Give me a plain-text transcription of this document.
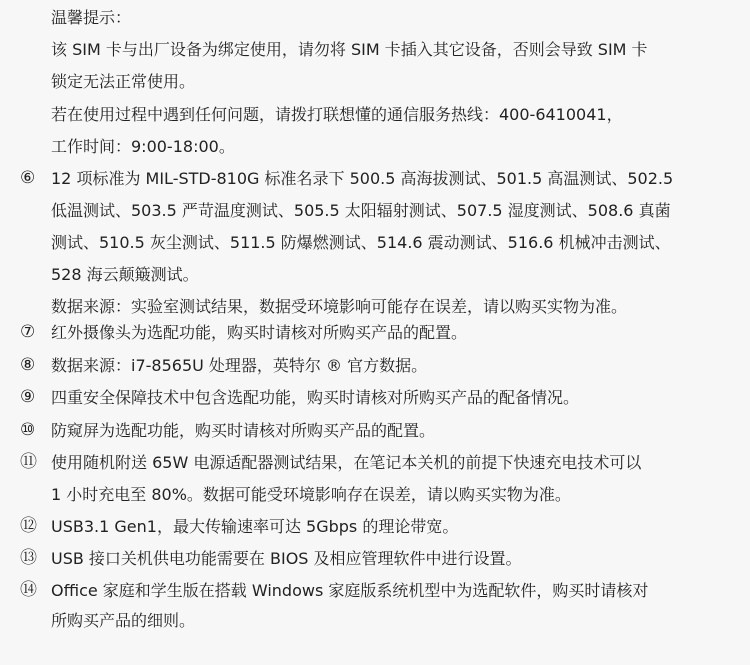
温馨提示：
该 SIM 卡与出厂设备为绑定使用，请勿将 SIM 卡插入其它设备，否则会导致 SIM 卡
锁定无法正常使用。
若在使用过程中遇到任何问题，请拨打联想懂的通信服务热线：400-6410041，
工作时间：9:00-18:00。
⑥ 12 项标准为 MIL-STD-810G 标准名录下 500.5 高海拔测试、501.5 高温测试、502.5
低温测试、503.5 严苛温度测试、505.5 太阳辐射测试、507.5 湿度测试、508.6 真菌
测试、510.5 灰尘测试、511.5 防爆燃测试、514.6 震动测试、516.6 机械冲击测试、
528 海云颠簸测试。
数据来源：实验室测试结果，数据受环境影响可能存在误差，请以购买实物为准。
⑦ 红外摄像头为选配功能，购买时请核对所购买产品的配置。
⑧ 数据来源：i7-8565U 处理器，英特尔 ® 官方数据。
⑨ 四重安全保障技术中包含选配功能，购买时请核对所购买产品的配备情况。
⑩ 防窥屏为选配功能，购买时请核对所购买产品的配置。
⑪ 使用随机附送 65W 电源适配器测试结果，在笔记本关机的前提下快速充电技术可以
1 小时充电至 80%。数据可能受环境影响存在误差，请以购买实物为准。
⑫ USB3.1 Gen1，最大传输速率可达 5Gbps 的理论带宽。
⑬ USB 接口关机供电功能需要在 BIOS 及相应管理软件中进行设置。
⑭ Office 家庭和学生版在搭载 Windows 家庭版系统机型中为选配软件，购买时请核对
所购买产品的细则。
